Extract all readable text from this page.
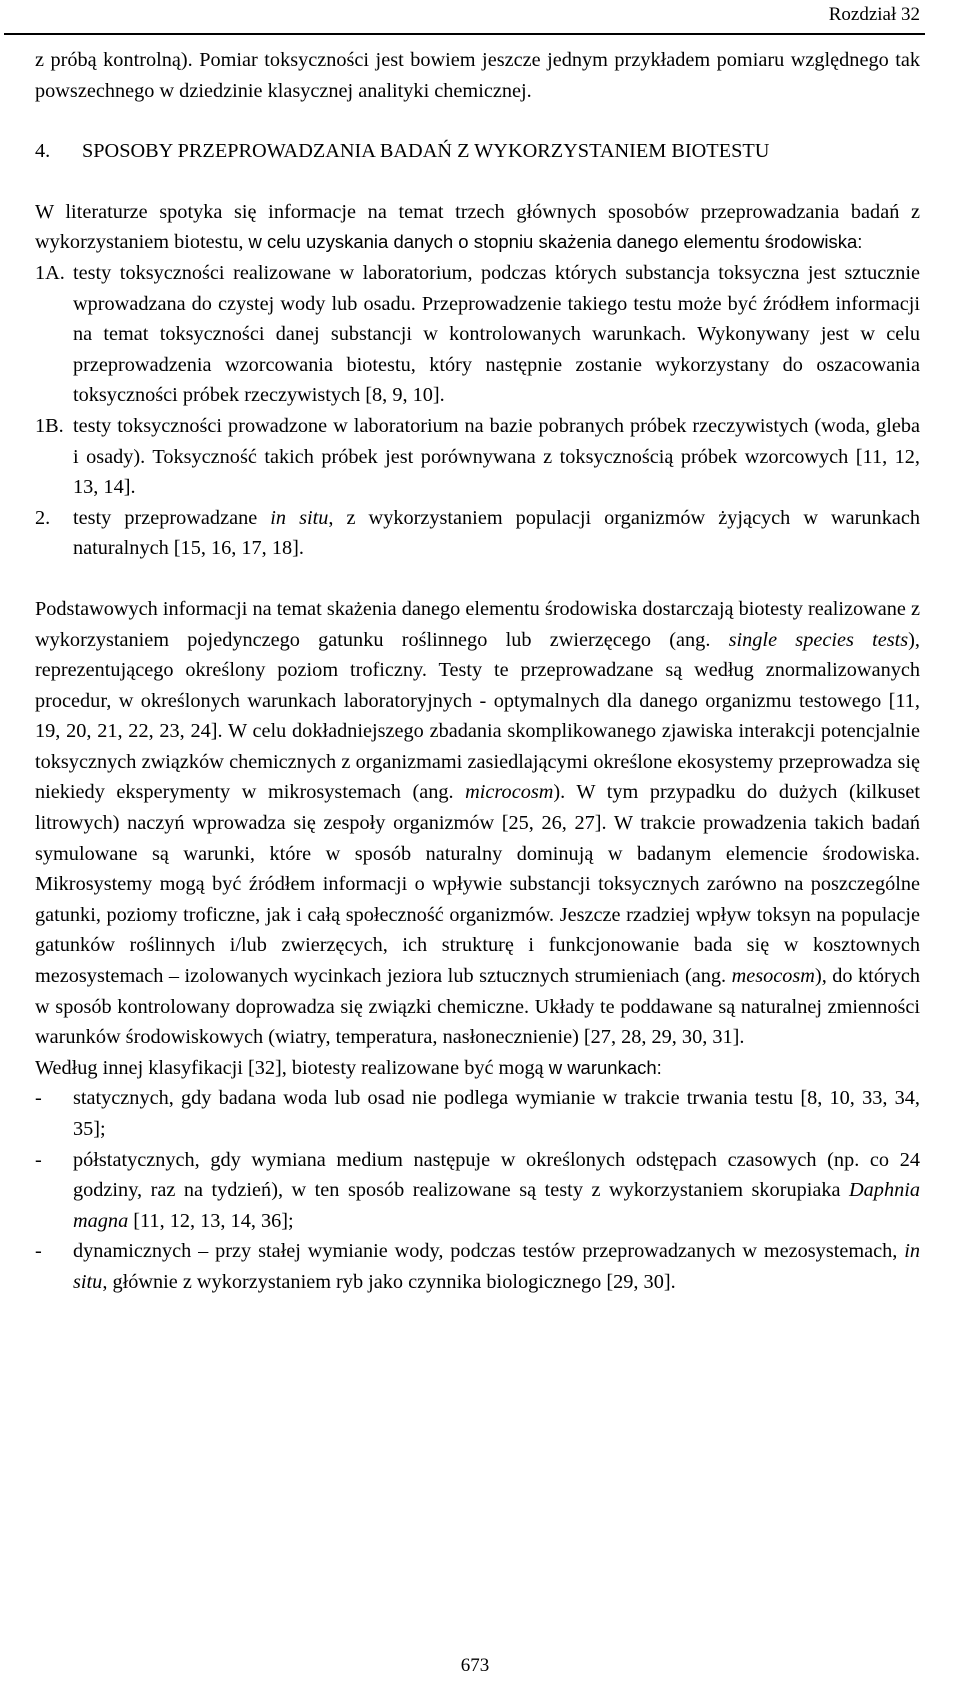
Rozdział 32

z próbą kontrolną). Pomiar toksyczności jest bowiem jeszcze jednym przykładem pomiaru względnego tak powszechnego w dziedzinie klasycznej analityki chemicznej.

4.	SPOSOBY PRZEPROWADZANIA BADAŃ Z WYKORZYSTANIEM BIOTESTU

W literaturze spotyka się informacje na temat trzech głównych sposobów przeprowadzania badań z wykorzystaniem biotestu, w celu uzyskania danych o stopniu skażenia danego elementu środowiska:

1A. testy toksyczności realizowane w laboratorium, podczas których substancja toksyczna jest sztucznie wprowadzana do czystej wody lub osadu. Przeprowadzenie takiego testu może być źródłem informacji na temat toksyczności danej substancji w kontrolowanych warunkach. Wykonywany jest w celu przeprowadzenia wzorcowania biotestu, który następnie zostanie wykorzystany do oszacowania toksyczności próbek rzeczywistych [8, 9, 10].
1B. testy toksyczności prowadzone w laboratorium na bazie pobranych próbek rzeczywistych (woda, gleba i osady). Toksyczność takich próbek jest porównywana z toksycznością próbek wzorcowych [11, 12, 13, 14].
2.	testy przeprowadzane in situ, z wykorzystaniem populacji organizmów żyjących w warunkach naturalnych [15, 16, 17, 18].

Podstawowych informacji na temat skażenia danego elementu środowiska dostarczają biotesty realizowane z wykorzystaniem pojedynczego gatunku roślinnego lub zwierzęcego (ang. single species tests), reprezentującego określony poziom troficzny. Testy te przeprowadzane są według znormalizowanych procedur, w określonych warunkach laboratoryjnych - optymalnych dla danego organizmu testowego [11, 19, 20, 21, 22, 23, 24]. W celu dokładniejszego zbadania skomplikowanego zjawiska interakcji potencjalnie toksycznych związków chemicznych z organizmami zasiedlającymi określone ekosystemy przeprowadza się niekiedy eksperymenty w mikrosystemach (ang. microcosm). W tym przypadku do dużych (kilkuset litrowych) naczyń wprowadza się zespoły organizmów [25, 26, 27]. W trakcie prowadzenia takich badań symulowane są warunki, które w sposób naturalny dominują w badanym elemencie środowiska. Mikrosystemy mogą być źródłem informacji o wpływie substancji toksycznych zarówno na poszczególne gatunki, poziomy troficzne, jak i całą społeczność organizmów. Jeszcze rzadziej wpływ toksyn na populacje gatunków roślinnych i/lub zwierzęcych, ich strukturę i funkcjonowanie bada się w kosztownych mezosystemach – izolowanych wycinkach jeziora lub sztucznych strumieniach (ang. mesocosm), do których w sposób kontrolowany doprowadza się związki chemiczne. Układy te poddawane są naturalnej zmienności warunków środowiskowych (wiatry, temperatura, nasłonecznienie) [27, 28, 29, 30, 31].

Według innej klasyfikacji [32], biotesty realizowane być mogą w warunkach:

-	statycznych, gdy badana woda lub osad nie podlega wymianie w trakcie trwania testu [8, 10, 33, 34, 35];
-	półstatycznych, gdy wymiana medium następuje w określonych odstępach czasowych (np. co 24 godziny, raz na tydzień), w ten sposób realizowane są testy z wykorzystaniem skorupiaka Daphnia magna [11, 12, 13, 14, 36];
-	dynamicznych – przy stałej wymianie wody, podczas testów przeprowadzanych w mezosystemach, in situ, głównie z wykorzystaniem ryb jako czynnika biologicznego [29, 30].
673
